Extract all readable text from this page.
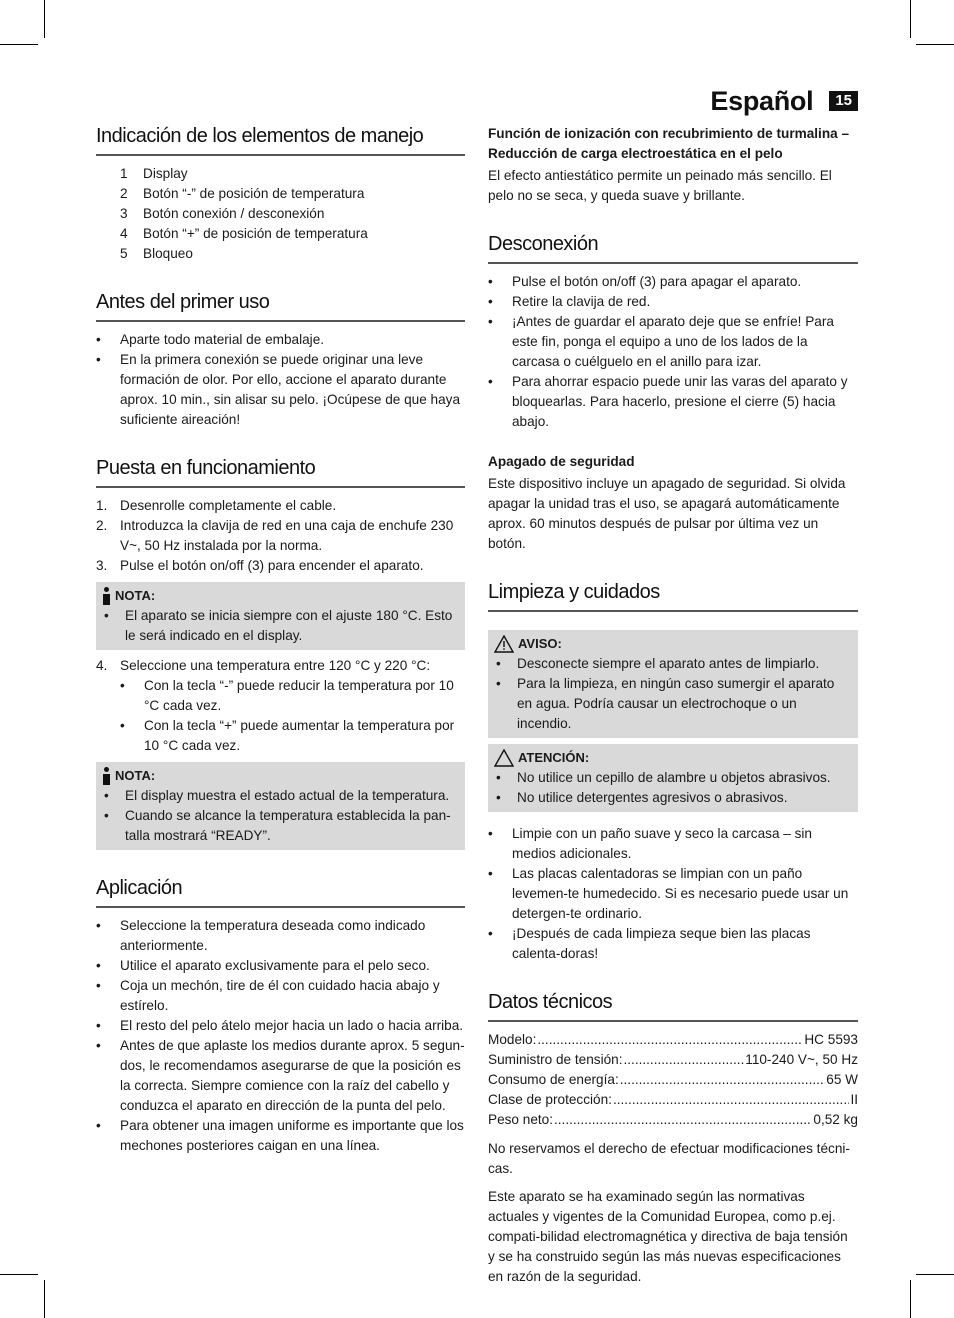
Español	15
Indicación de los elementos de manejo
1	Display
2	Botón “-” de posición de temperatura
3	Botón conexión / desconexión
4	Botón “+” de posición de temperatura
5	Bloqueo
Antes del primer uso
• Aparte todo material de embalaje.
• En la primera conexión se puede originar una leve formación de olor. Por ello, accione el aparato durante aprox. 10 min., sin alisar su pelo. ¡Ocúpese de que haya suficiente aireación!
Puesta en funcionamiento
1. Desenrolle completamente el cable.
2. Introduzca la clavija de red en una caja de enchufe 230 V~, 50 Hz instalada por la norma.
3. Pulse el botón on/off (3) para encender el aparato.
NOTA:
• El aparato se inicia siempre con el ajuste 180 °C. Esto le será indicado en el display.
4. Seleccione una temperatura entre 120 °C y 220 °C:
• Con la tecla “-” puede reducir la temperatura por 10 °C cada vez.
• Con la tecla “+” puede aumentar la temperatura por 10 °C cada vez.
NOTA:
• El display muestra el estado actual de la temperatura.
• Cuando se alcance la temperatura establecida la pan-talla mostrará “READY”.
Aplicación
• Seleccione la temperatura deseada como indicado anteriormente.
• Utilice el aparato exclusivamente para el pelo seco.
• Coja un mechón, tire de él con cuidado hacia abajo y estírelo.
• El resto del pelo átelo mejor hacia un lado o hacia arriba.
• Antes de que aplaste los medios durante aprox. 5 segun-dos, le recomendamos asegurarse de que la posición es la correcta. Siempre comience con la raíz del cabello y conduzca el aparato en dirección de la punta del pelo.
• Para obtener una imagen uniforme es importante que los mechones posteriores caigan en una línea.

Función de ionización con recubrimiento de turmalina – Reducción de carga electroestática en el pelo

El efecto antiestático permite un peinado más sencillo. El pelo no se seca, y queda suave y brillante.

Desconexión
• Pulse el botón on/off (3) para apagar el aparato.
• Retire la clavija de red.
• ¡Antes de guardar el aparato deje que se enfríe! Para este fin, ponga el equipo a uno de los lados de la carcasa o cuélguelo en el anillo para izar.
• Para ahorrar espacio puede unir las varas del aparato y bloquearlas. Para hacerlo, presione el cierre (5) hacia abajo.

Apagado de seguridad

Este dispositivo incluye un apagado de seguridad. Si olvida apagar la unidad tras el uso, se apagará automáticamente aprox. 60 minutos después de pulsar por última vez un botón.

Limpieza y cuidados
AVISO:
• Desconecte siempre el aparato antes de limpiarlo.
• Para la limpieza, en ningún caso sumergir el aparato en agua. Podría causar un electrochoque o un incendio.
ATENCIÓN:
• No utilice un cepillo de alambre u objetos abrasivos.
• No utilice detergentes agresivos o abrasivos.
• Limpie con un paño suave y seco la carcasa – sin medios adicionales.
• Las placas calentadoras se limpian con un paño levemen-te humedecido. Si es necesario puede usar un detergen-te ordinario.
• ¡Después de cada limpieza seque bien las placas calenta-doras!
Datos técnicos
Modelo: .....	HC 5593
Suministro de tensión: .....	110-240 V~, 50 Hz
Consumo de energía: .....	65 W
Clase de protección: .....	II
Peso neto: .....	0,52 kg

No reservamos el derecho de efectuar modificaciones técni-cas.

Este aparato se ha examinado según las normativas actuales y vigentes de la Comunidad Europea, como p.ej. compati-bilidad electromagnética y directiva de baja tensión y se ha construido según las más nuevas especificaciones en razón de la seguridad.
